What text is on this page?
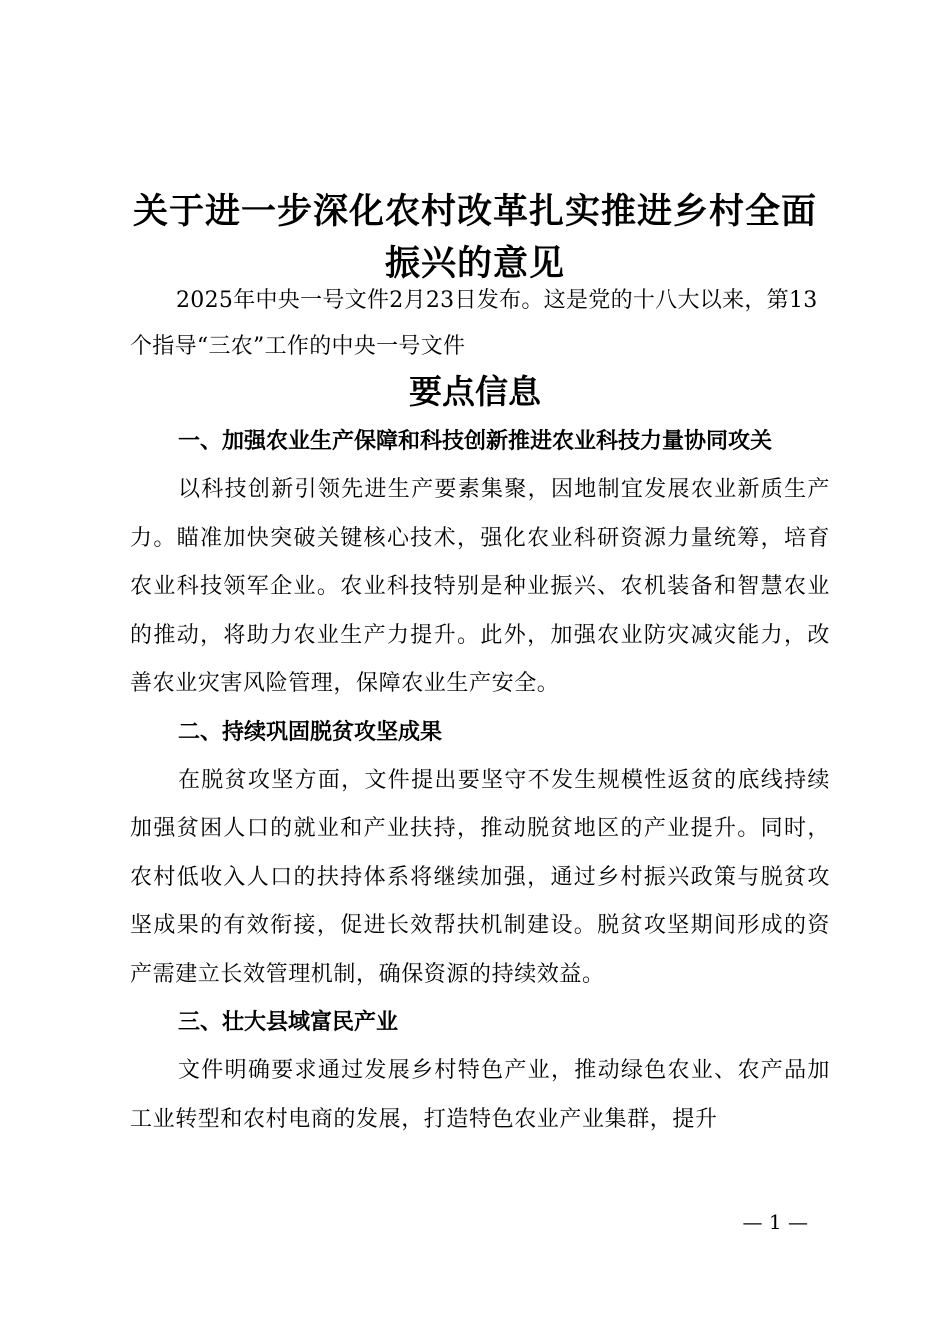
关于进一步深化农村改革扎实推进乡村全面振兴的意见

2025年中央一号文件2月23日发布。这是党的十八大以来，第13个指导“三农”工作的中央一号文件

要点信息

一、加强农业生产保障和科技创新推进农业科技力量协同攻关

以科技创新引领先进生产要素集聚，因地制宜发展农业新质生产力。瞄准加快突破关键核心技术，强化农业科研资源力量统筹，培育农业科技领军企业。农业科技特别是种业振兴、农机装备和智慧农业的推动，将助力农业生产力提升。此外，加强农业防灾减灾能力，改善农业灾害风险管理，保障农业生产安全。

二、持续巩固脱贫攻坚成果

在脱贫攻坚方面，文件提出要坚守不发生规模性返贫的底线持续加强贫困人口的就业和产业扶持，推动脱贫地区的产业提升。同时，农村低收入人口的扶持体系将继续加强，通过乡村振兴政策与脱贫攻坚成果的有效衔接，促进长效帮扶机制建设。脱贫攻坚期间形成的资产需建立长效管理机制，确保资源的持续效益。

三、壮大县域富民产业

文件明确要求通过发展乡村特色产业，推动绿色农业、农产品加工业转型和农村电商的发展，打造特色农业产业集群，提升

— 1 —
